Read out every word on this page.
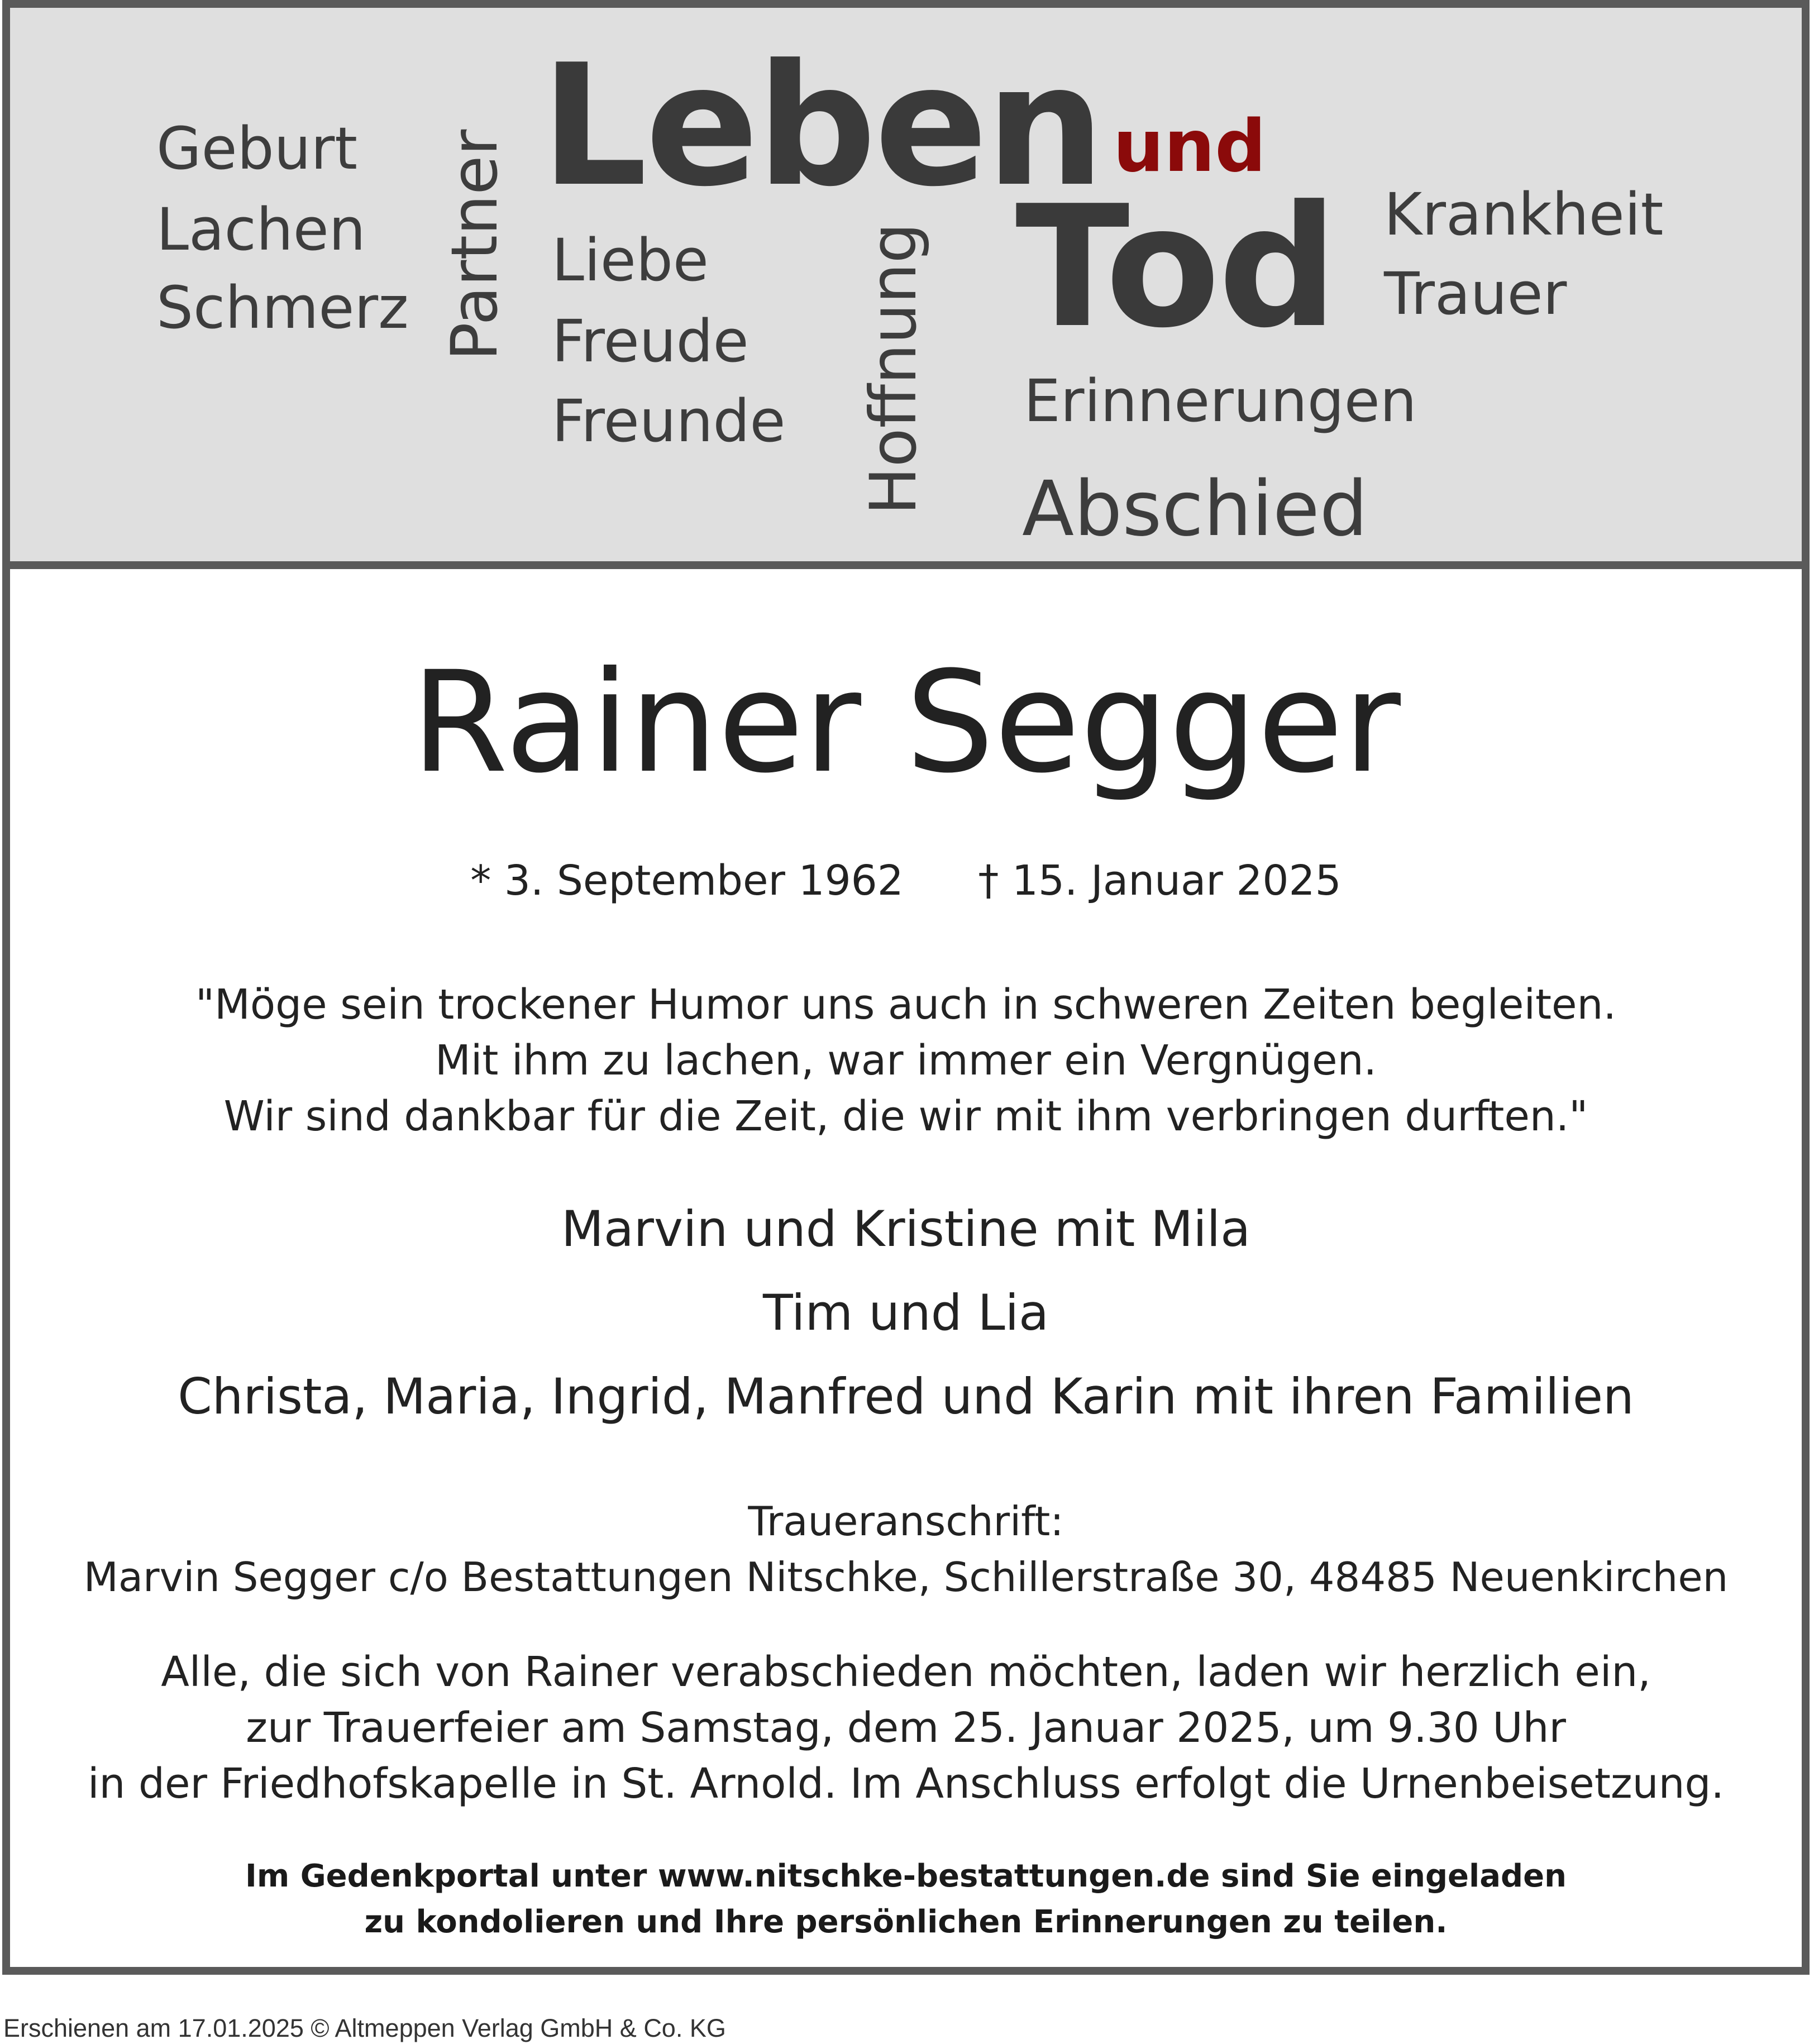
Geburt
Lachen
Schmerz Partner
Leben
Liebe
Freude
Freunde Hoffnung
und
Tod Krankheit
Trauer
Erinnerungen
Abschied
Rainer Segger
* 3. September 1962 † 15. Januar 2025
"Möge sein trockener Humor uns auch in schweren Zeiten begleiten.
Mit ihm zu lachen, war immer ein Vergnügen.
Wir sind dankbar für die Zeit, die wir mit ihm verbringen durften."
Marvin und Kristine mit Mila
Tim und Lia
Christa, Maria, Ingrid, Manfred und Karin mit ihren Familien
Traueranschrift:
Marvin Segger c/o Bestattungen Nitschke, Schillerstraße 30, 48485 Neuenkirchen
Alle, die sich von Rainer verabschieden möchten, laden wir herzlich ein,
zur Trauerfeier am Samstag, dem 25. Januar 2025, um 9.30 Uhr
in der Friedhofskapelle in St. Arnold. Im Anschluss erfolgt die Urnenbeisetzung.
Im Gedenkportal unter www.nitschke-bestattungen.de sind Sie eingeladen
zu kondolieren und Ihre persönlichen Erinnerungen zu teilen.
Erschienen am 17.01.2025 © Altmeppen Verlag GmbH & Co. KG
